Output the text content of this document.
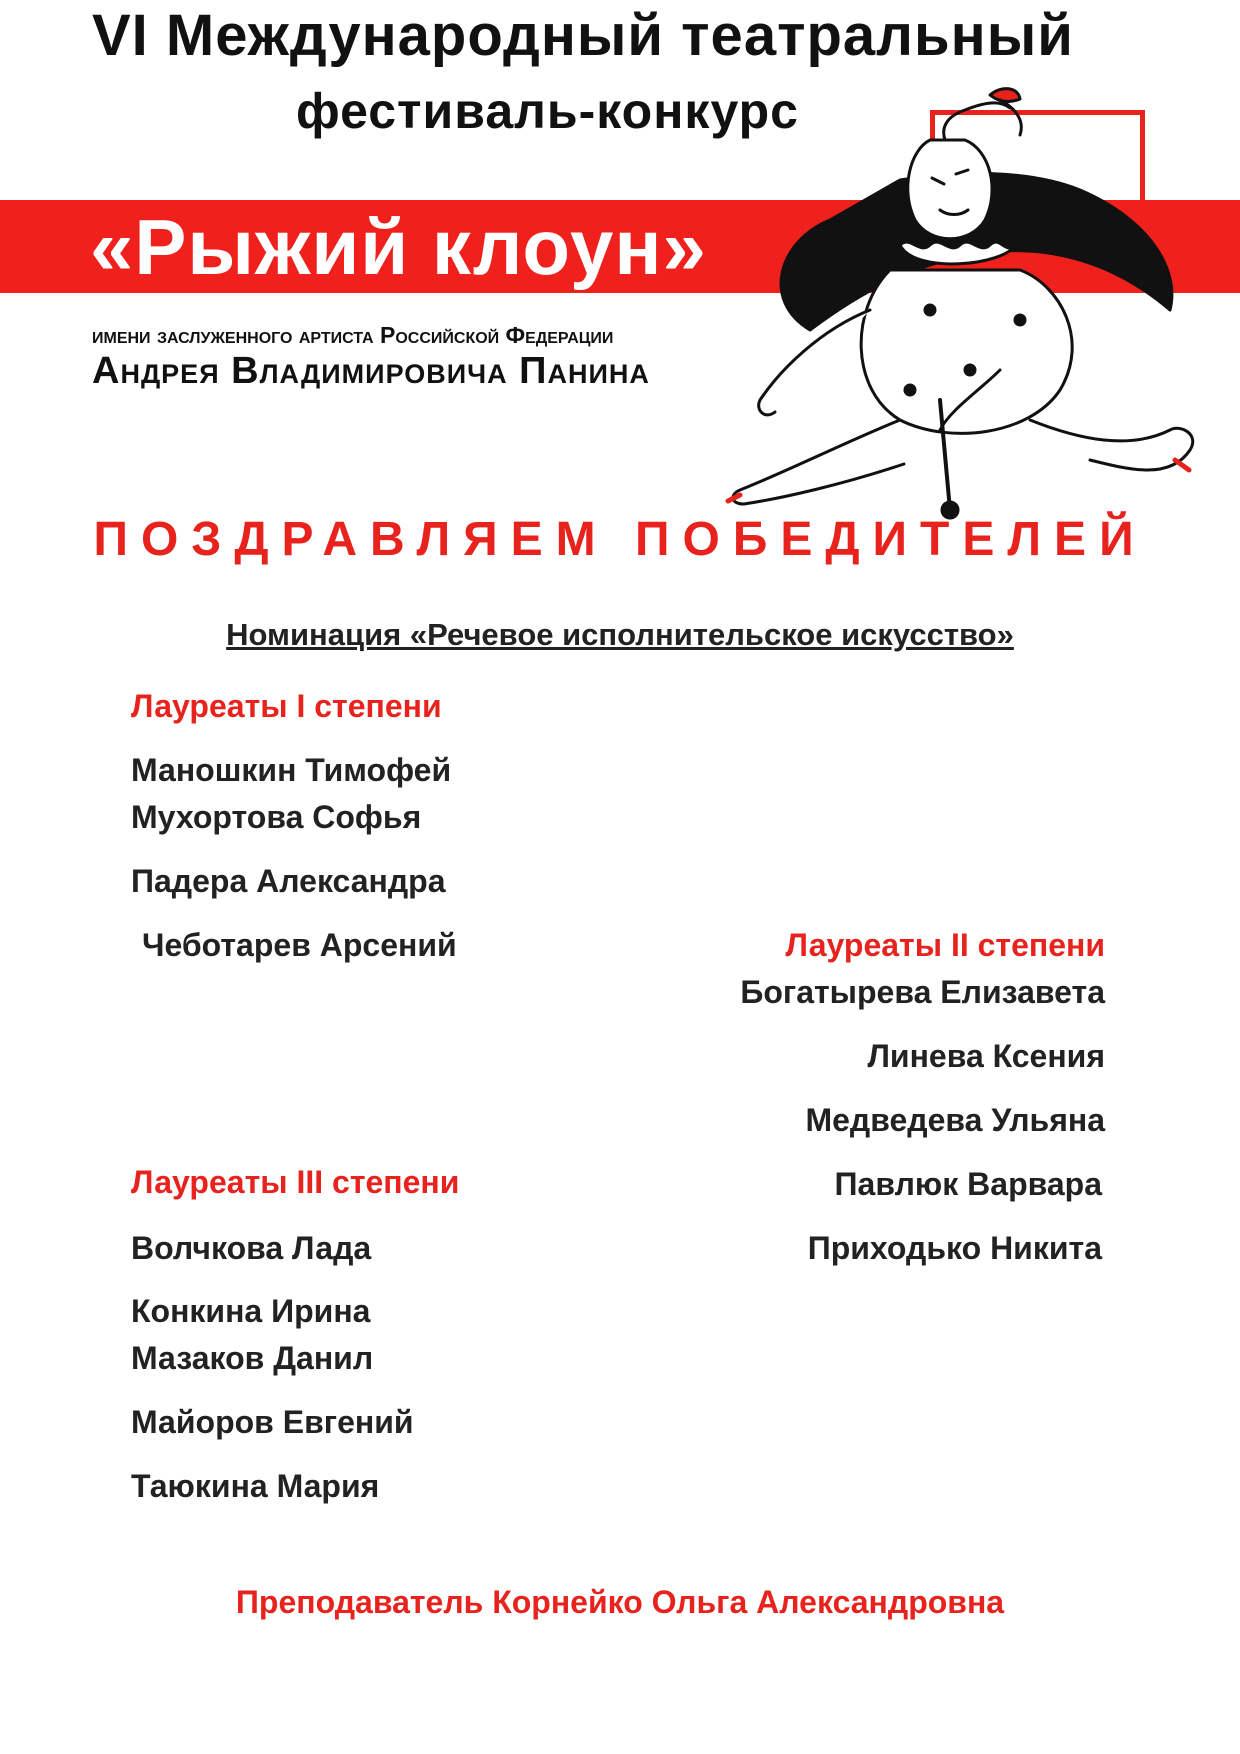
VI Международный театральный
фестиваль-конкурс
«Рыжий клоун»
имени заслуженного артиста Российской Федерации
Андрея Владимировича Панина
ПОЗДРАВЛЯЕМ ПОБЕДИТЕЛЕЙ
Номинация «Речевое исполнительское искусство»
Лауреаты I степени
Маношкин Тимофей
Мухортова Софья
Падера Александра
Чеботарев Арсений	Лауреаты II степени
Богатырева Елизавета
Линева Ксения
Медведева Ульяна
Павлюк Варвара
Приходько Никита
Лауреаты III степени
Волчкова Лада
Конкина Ирина
Мазаков Данил
Майоров Евгений
Таюкина Мария
Преподаватель Корнейко Ольга Александровна
